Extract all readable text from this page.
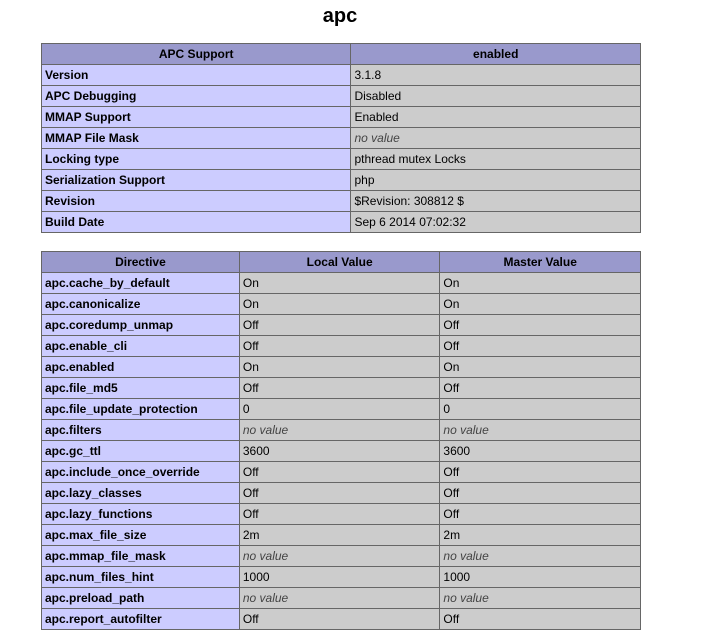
apc
APC Support	enabled
Version	3.1.8
APC Debugging	Disabled
MMAP Support	Enabled
MMAP File Mask	no value
Locking type	pthread mutex Locks
Serialization Support	php
Revision	$Revision: 308812 $
Build Date	Sep 6 2014 07:02:32
Directive	Local Value	Master Value
apc.cache_by_default	On	On
apc.canonicalize	On	On
apc.coredump_unmap	Off	Off
apc.enable_cli	Off	Off
apc.enabled	On	On
apc.file_md5	Off	Off
apc.file_update_protection	0	0
apc.filters	no value	no value
apc.gc_ttl	3600	3600
apc.include_once_override	Off	Off
apc.lazy_classes	Off	Off
apc.lazy_functions	Off	Off
apc.max_file_size	2m	2m
apc.mmap_file_mask	no value	no value
apc.num_files_hint	1000	1000
apc.preload_path	no value	no value
apc.report_autofilter	Off	Off
